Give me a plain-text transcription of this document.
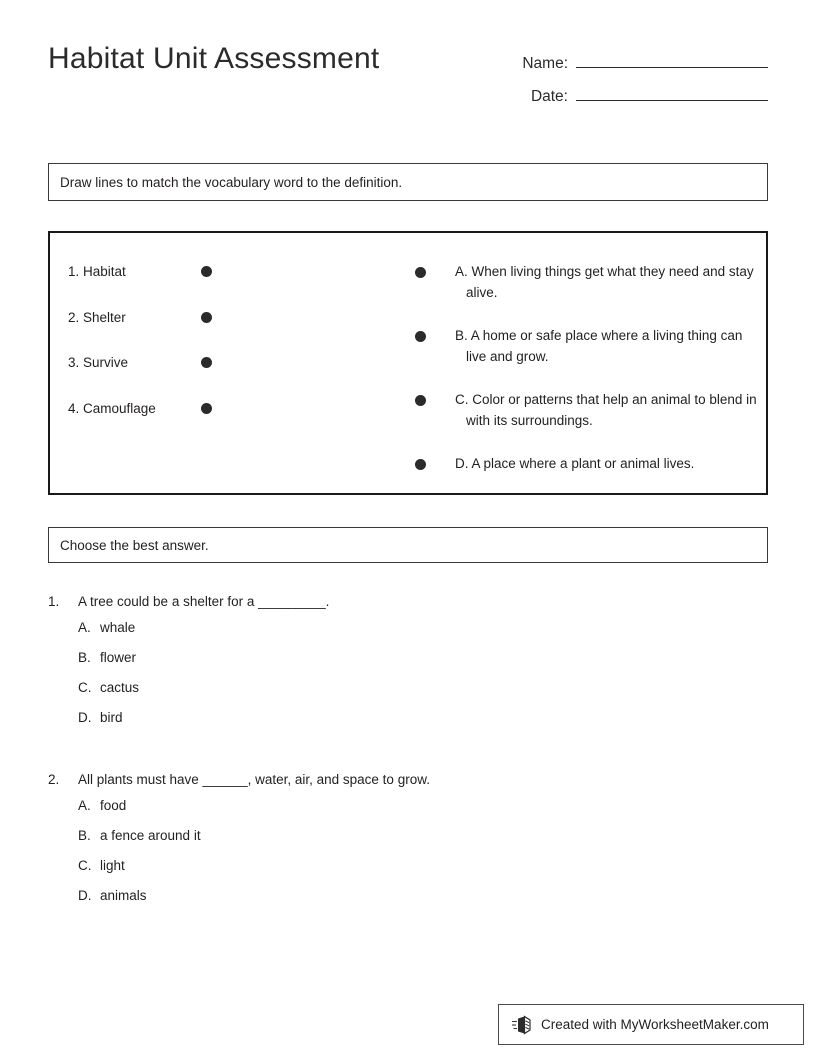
Habitat Unit Assessment	Name:
Date:
Draw lines to match the vocabulary word to the definition.
1. Habitat
2. Shelter
3. Survive
4. Camouflage
A. When living things get what they need and stay alive.
B. A home or safe place where a living thing can live and grow.
C. Color or patterns that help an animal to blend in with its surroundings.
D. A place where a plant or animal lives.
Choose the best answer.
1.	A tree could be a shelter for a _________.
A. whale
B. flower
C. cactus
D. bird
2.	All plants must have ______, water, air, and space to grow.
A. food
B. a fence around it
C. light
D. animals
Created with MyWorksheetMaker.com
